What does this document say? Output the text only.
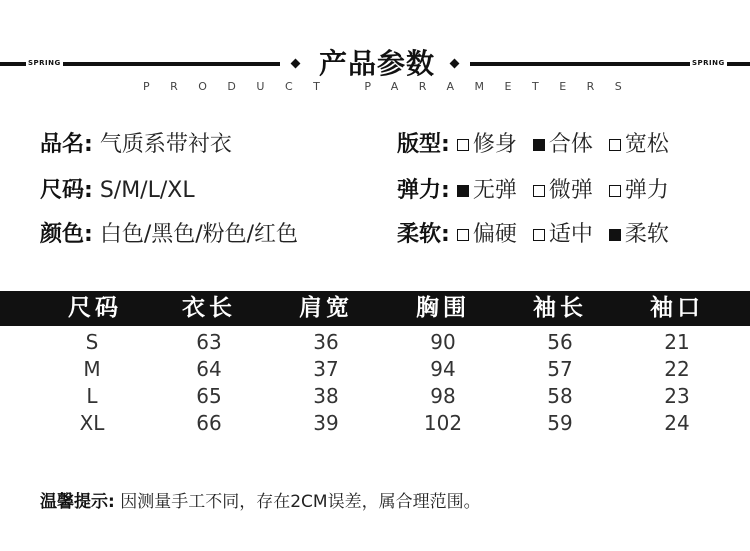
SPRING	SPRING
产品参数
PRODUCT PARAMETERS
品名: 气质系带衬衣
尺码: S/M/L/XL
颜色: 白色/黑色/粉色/红色
版型: 修身 合体 宽松
弹力: 无弹 微弹 弹力
柔软: 偏硬 适中 柔软
尺码	衣长	肩宽	胸围	袖长	袖口
S	63	36	90	56	21
M	64	37	94	57	22
L	65	38	98	58	23
XL	66	39	102	59	24
温馨提示: 因测量手工不同，存在2CM误差，属合理范围。
